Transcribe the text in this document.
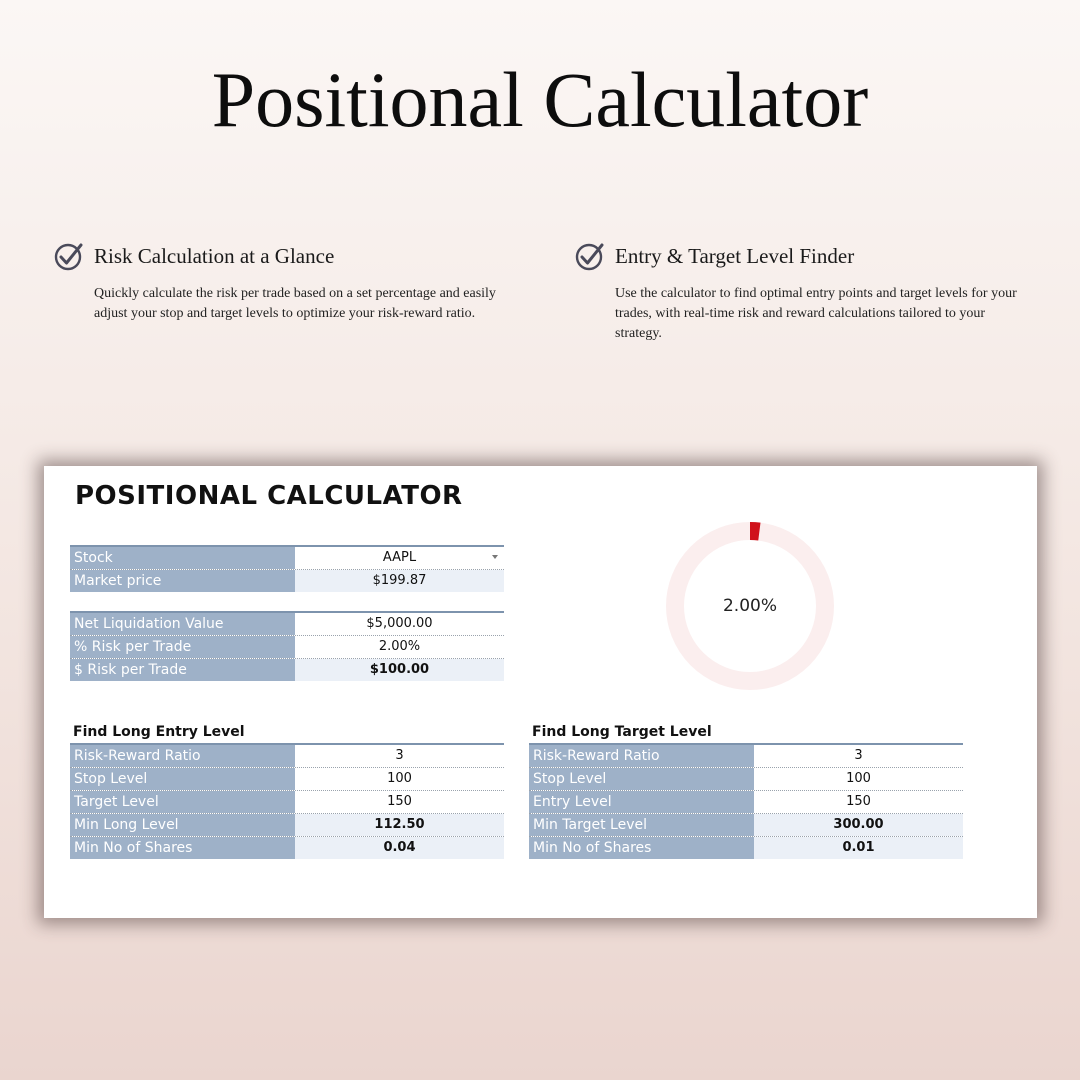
Positional Calculator
Risk Calculation at a Glance
Quickly calculate the risk per trade based on a set percentage and easily adjust your stop and target levels to optimize your risk-reward ratio.
Entry & Target Level Finder
Use the calculator to find optimal entry points and target levels for your trades, with real-time risk and reward calculations tailored to your strategy.
POSITIONAL CALCULATOR
Stock	AAPL
Market price	$199.87
Net Liquidation Value	$5,000.00
% Risk per Trade	2.00%
$ Risk per Trade	$100.00
2.00%
Find Long Entry Level
Risk-Reward Ratio	3
Stop Level	100
Target Level	150
Min Long Level	112.50
Min No of Shares	0.04
Find Long Target Level
Risk-Reward Ratio	3
Stop Level	100
Entry Level	150
Min Target Level	300.00
Min No of Shares	0.01
